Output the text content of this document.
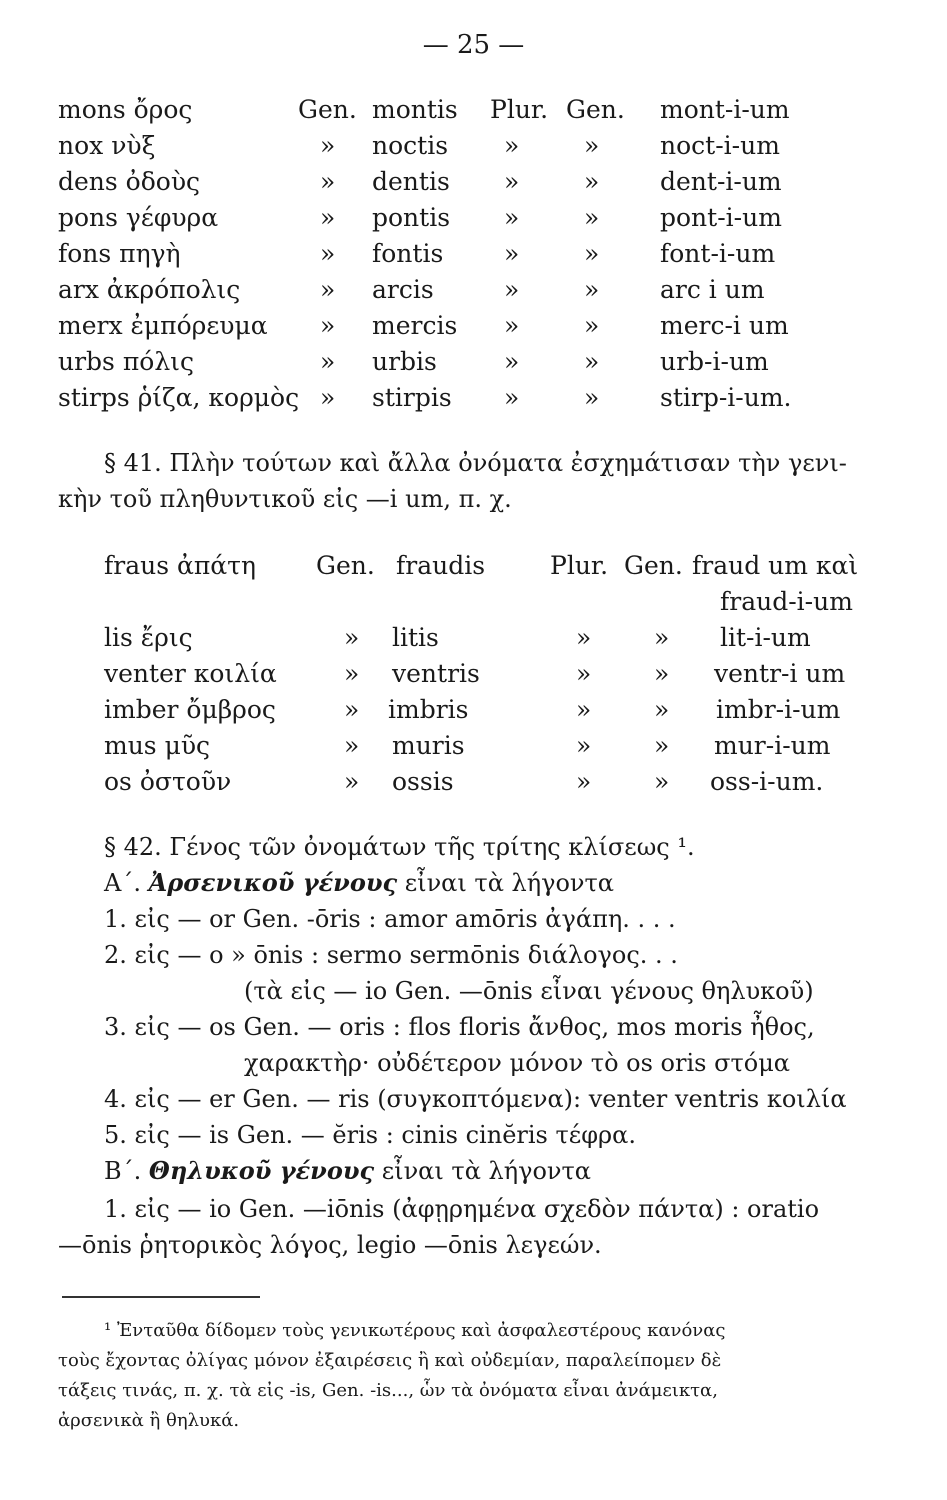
— 25 —
mons ὄρος	Gen. montis Plur. Gen. mont-i-um
nox νὺξ	» noctis »	» noct-i-um
dens ὀδοὺς	» dentis »	» dent-i-um
pons γέφυρα	» pontis »	» pont-i-um
fons πηγὴ	» fontis »	» font-i-um
arx ἀκρόπολις	» arcis	»	» arc i um
merx ἐμπόρευμα » mercis »	» merc-i um
urbs πόλις	» urbis	»	» urb-i-um
stirps ῥίζα, κορμὸς » stirpis »	» stirp-i-um.
§ 41. Πλὴν τούτων καὶ ἄλλα ὀνόματα ἐσχημάτισαν τὴν γενι-
κὴν τοῦ πληθυντικοῦ εἰς —i um, π. χ.
fraus ἀπάτη Gen. fraudis	Plur. Gen. fraud um καὶ
fraud-i-um
lis ἔρις	» litis	»	» lit-i-um
venter κοιλία	» ventris	»	» ventr-i um
imber ὄμβρος	» imbris	»	» imbr-i-um
mus μῦς	» muris	»	» mur-i-um
os ὀστοῦν	» ossis	»	» oss-i-um.
§ 42. Γένος τῶν ὀνομάτων τῆς τρίτης κλίσεως ¹.
Α΄. Ἀρσενικοῦ γένους εἶναι τὰ λήγοντα
1. εἰς — or Gen. -ōris : amor amōris ἀγάπη. . . .
2. εἰς — o » ōnis : sermo sermōnis διάλογος. . .
(τὰ εἰς — io Gen. —ōnis εἶναι γένους θηλυκοῦ)
3. εἰς — os Gen. — oris : flos floris ἄνθος, mos moris ἦθος,
χαρακτὴρ· οὐδέτερον μόνον τὸ os oris στόμα
4. εἰς — er Gen. — ris (συγκοπτόμενα): venter ventris κοιλία
5. εἰς — is Gen. — ĕris : cinis cinĕris τέφρα.
Β΄. Θηλυκοῦ γένους εἶναι τὰ λήγοντα
1. εἰς — io Gen. —iōnis (ἀφῃρημένα σχεδὸν πάντα) : oratio
—ōnis ῥητορικὸς λόγος, legio —ōnis λεγεών.
¹ Ἐνταῦθα δίδομεν τοὺς γενικωτέρους καὶ ἀσφαλεστέρους κανόνας
τοὺς ἔχοντας ὀλίγας μόνον ἐξαιρέσεις ἢ καὶ οὐδεμίαν, παραλείπομεν δὲ
τάξεις τινάς, π. χ. τὰ εἰς -is, Gen. -is..., ὧν τὰ ὀνόματα εἶναι ἀνάμεικτα,
ἀρσενικὰ ἢ θηλυκά.
